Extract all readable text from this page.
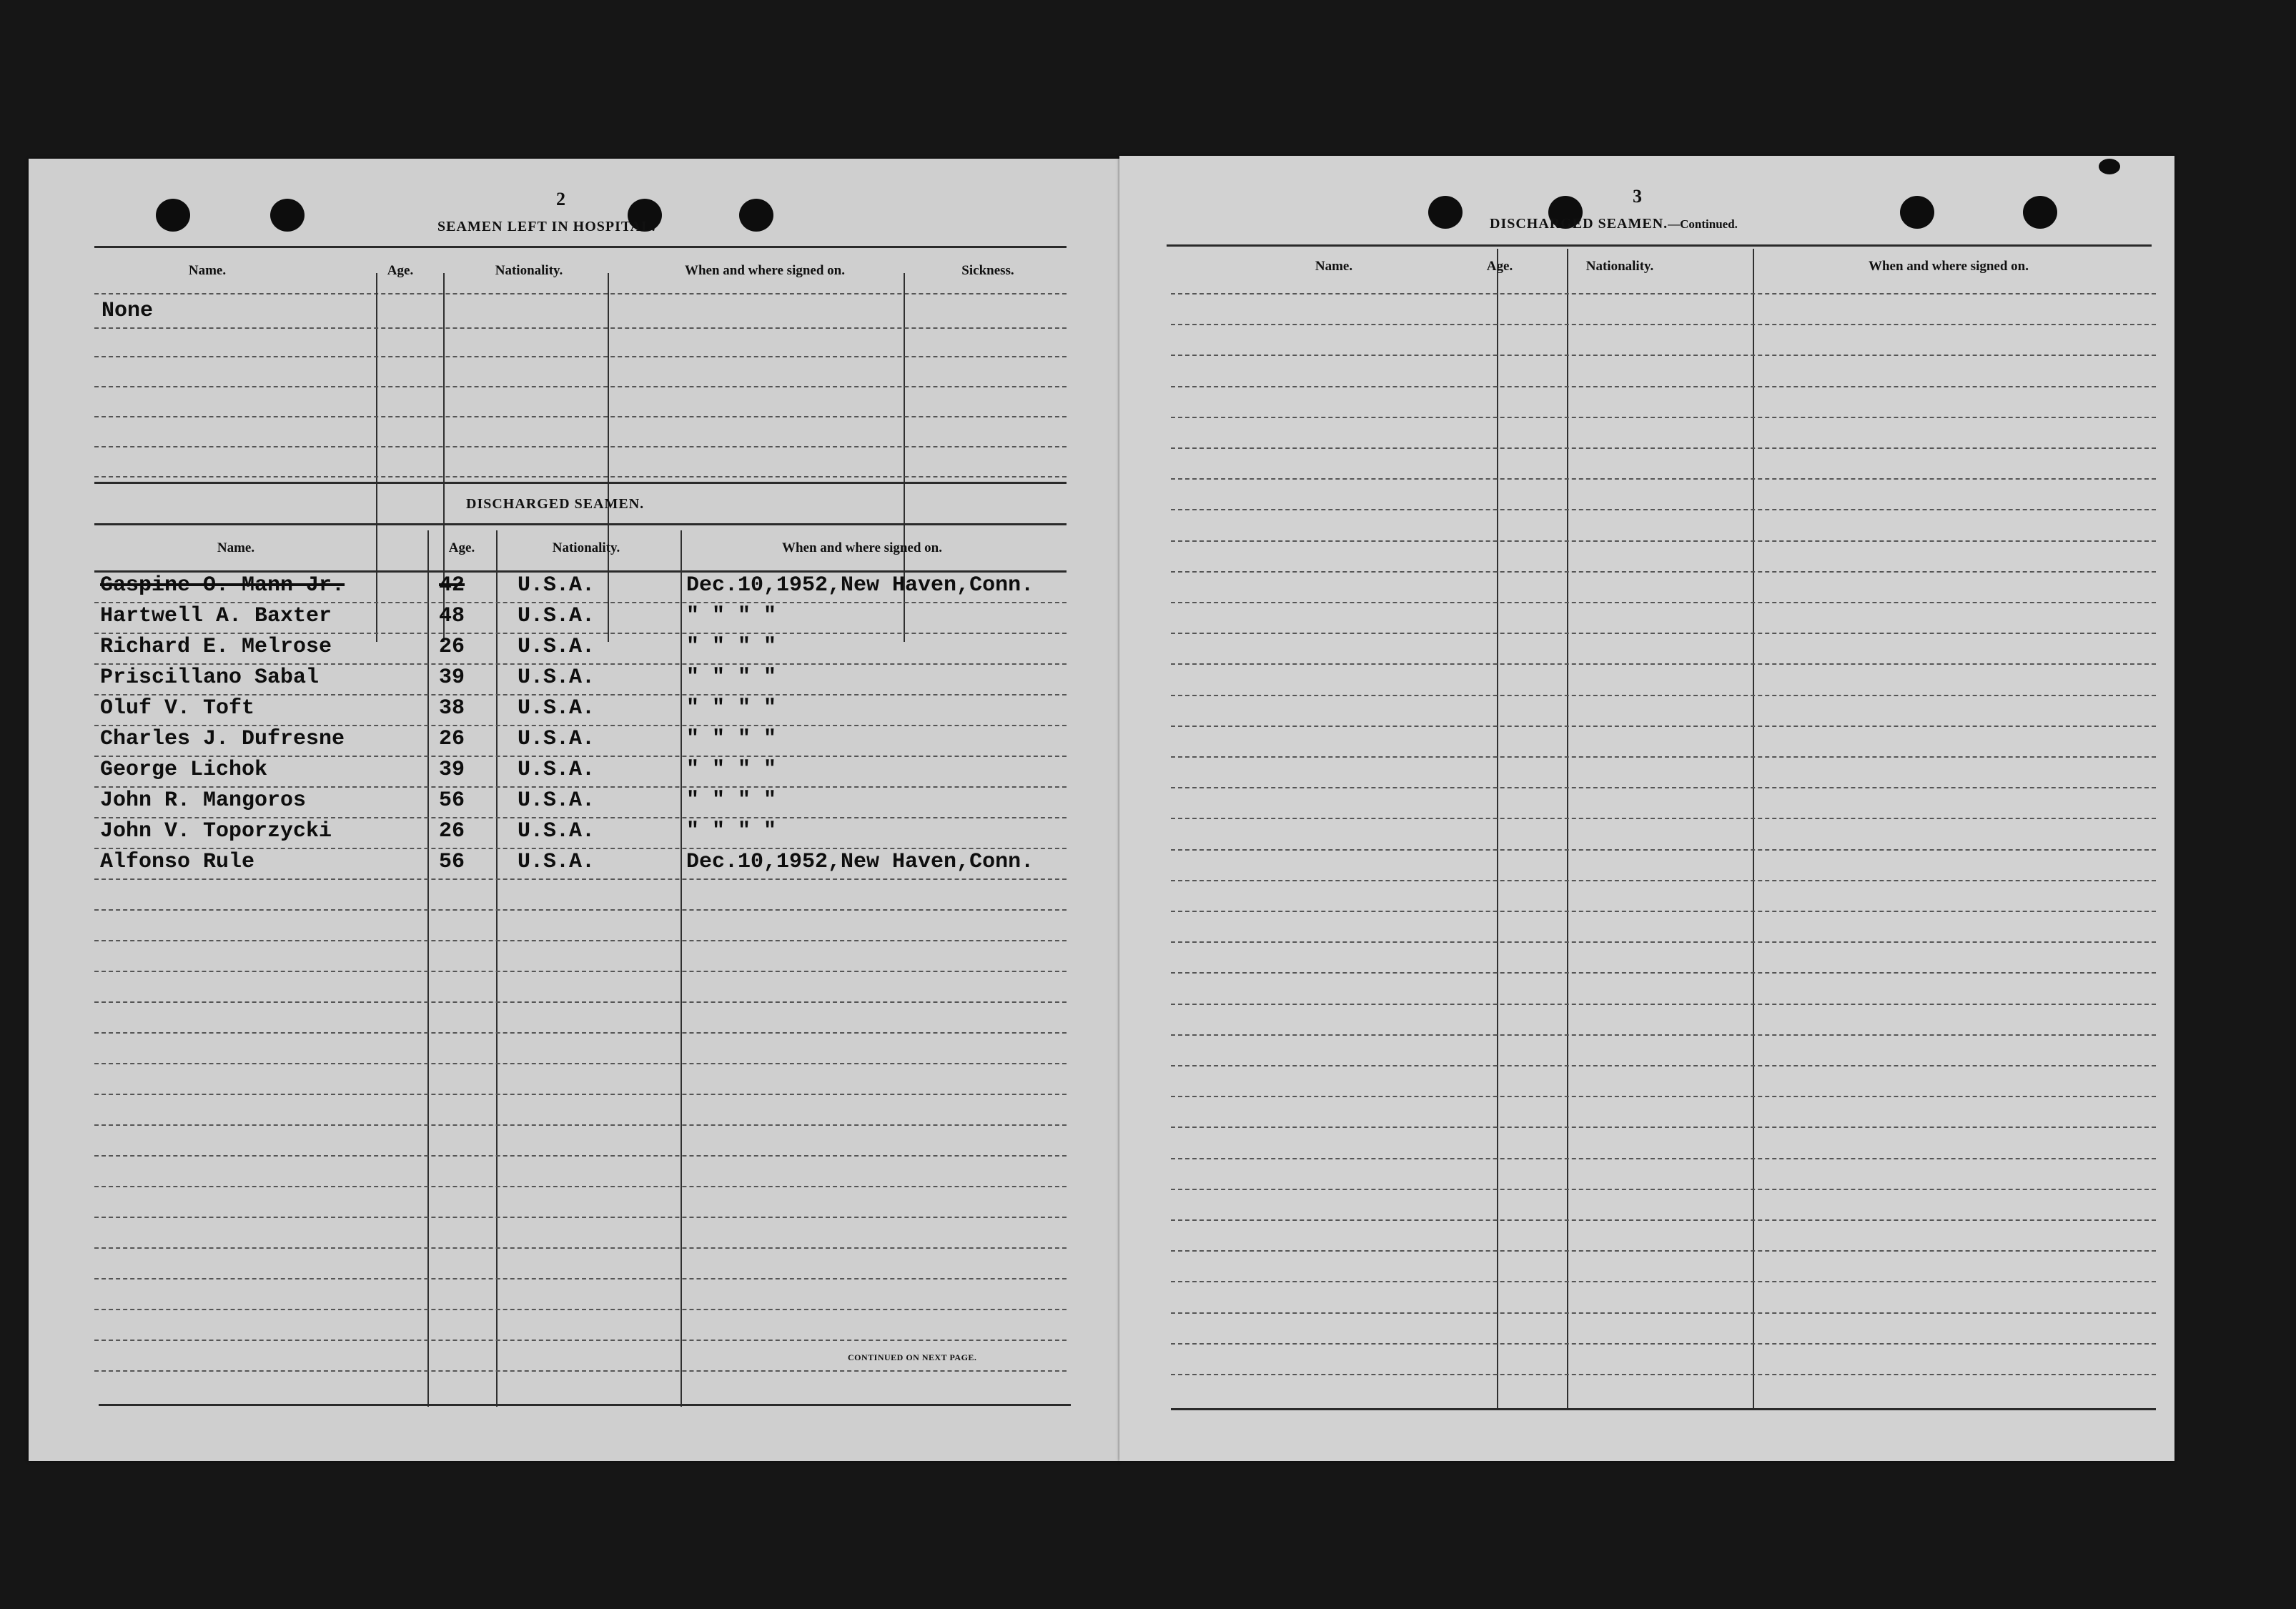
2
SEAMEN LEFT IN HOSPITAL.
Name.	Age.	Nationality.	When and where signed on.	Sickness.
None
DISCHARGED SEAMEN.
Name.	Age.	Nationality.	When and where signed on.
Gaspine O. Mann Jr.	42 U.S.A.	Dec.10,1952,New Haven,Conn.
Hartwell A. Baxter	48 U.S.A.	" " " "
Richard E. Melrose	26 U.S.A.	" " " "
Priscillano Sabal	39 U.S.A.	" " " "
Oluf V. Toft	38 U.S.A.	" " " "
Charles J. Dufresne	26 U.S.A.	" " " "
George Lichok	39 U.S.A.	" " " "
John R. Mangoros	56 U.S.A.	" " " "
John V. Toporzycki	26 U.S.A.	" " " "
Alfonso Rule	56 U.S.A.	Dec.10,1952,New Haven,Conn.
CONTINUED ON NEXT PAGE.
3
DISCHARGED SEAMEN.—Continued.
Name.	Age.	Nationality.	When and where signed on.
